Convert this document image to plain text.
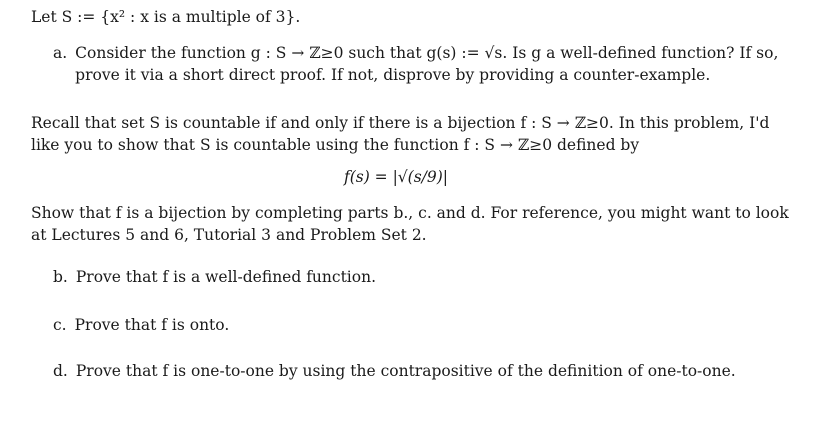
Let S := {x² : x is a multiple of 3}.
a. Consider the function g : S → ℤ≥0 such that g(s) := √s. Is g a well-defined function? If so,
prove it via a short direct proof. If not, disprove by providing a counter-example.
Recall that set S is countable if and only if there is a bijection f : S → ℤ≥0. In this problem, I'd
like you to show that S is countable using the function f : S → ℤ≥0 defined by
f(s) = |√(s/9)|
Show that f is a bijection by completing parts b., c. and d. For reference, you might want to look
at Lectures 5 and 6, Tutorial 3 and Problem Set 2.
b. Prove that f is a well-defined function.
c. Prove that f is onto.
d. Prove that f is one-to-one by using the contrapositive of the definition of one-to-one.
